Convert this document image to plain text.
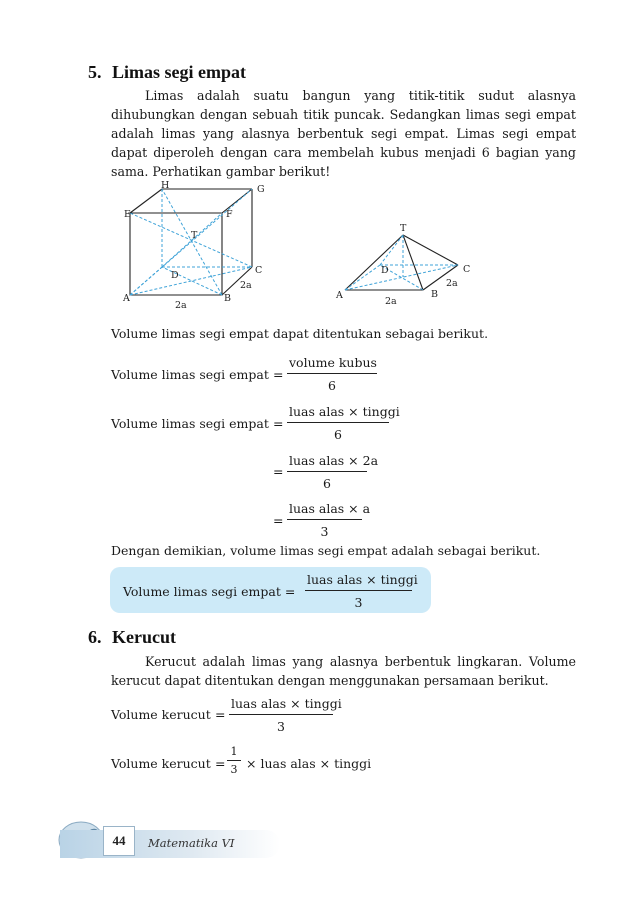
5. Limas segi empat
Limas adalah suatu bangun yang titik-titik sudut alasnya dihubungkan dengan sebuah titik puncak. Sedangkan limas segi empat adalah limas yang alasnya berbentuk segi empat. Limas segi empat dapat diperoleh dengan cara membelah kubus menjadi 6 bagian yang sama. Perhatikan gambar berikut!
H	G
E	F
T
D	C
2a
A	B
2a
T
D	C
2a
A	B
2a
Volume limas segi empat dapat ditentukan sebagai berikut.
Volume limas segi empat =
volume kubus
6
Volume limas segi empat =
luas alas × tinggi
6
=
luas alas × 2a
6
=
luas alas × a
3
Dengan demikian, volume limas segi empat adalah sebagai berikut.
Volume limas segi empat =
luas alas × tinggi
3
6. Kerucut
Kerucut adalah limas yang alasnya berbentuk lingkaran. Volume kerucut dapat ditentukan dengan menggunakan persamaan berikut.
Volume kerucut =
luas alas × tinggi
3
Volume kerucut = $\frac{1}{3}$ × luas alas × tinggi
44	Matematika VI
